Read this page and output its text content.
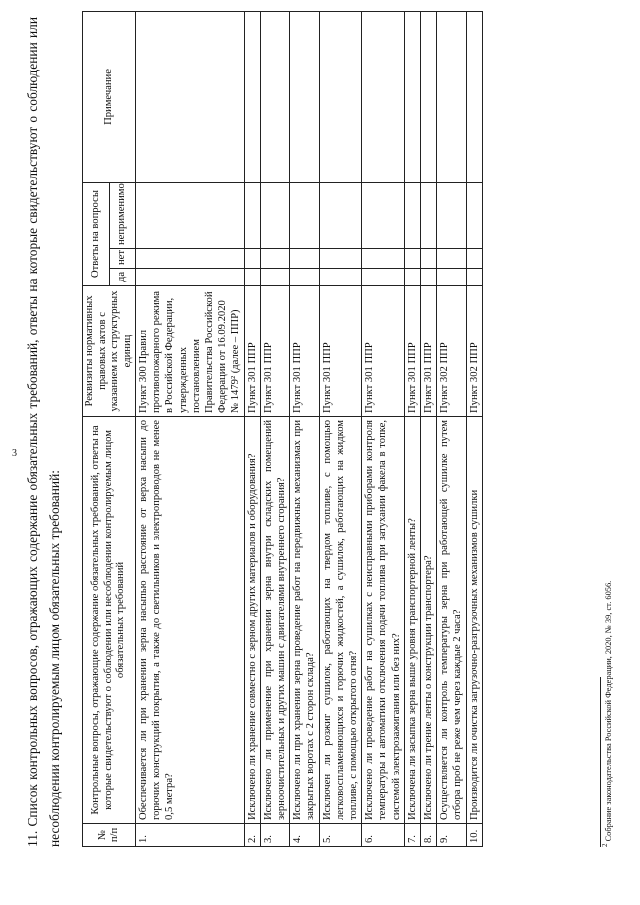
3 11. Список контрольных вопросов, отражающих содержание обязательных требований, ответы на которые свидетельствуют о соблюдении или несоблюдении контролируемым лицом обязательных требований:	№ п/п	Контрольные вопросы, отражающие содержание обязательных требований, ответы на которые свидетельствуют о соблюдении или несоблюдении контролируемым лицом обязательных требований	Реквизиты нормативных правовых актов с указанием их структурных единиц	Ответы на вопросы			Примечание
			да	нет	неприменимо	
1.	Обеспечивается ли при хранении зерна насыпью расстояние от верха насыпи до горючих конструкций покрытия, а также до светильников и электропроводов не менее 0,5 метра?	Пункт 300 Правил противопожарного режима в Российской Федерации, утвержденных постановлением Правительства Российской Федерации от 16.09.2020 № 1479² (далее – ППР)				
2.	Исключено ли хранение совместно с зерном других материалов и оборудования?	Пункт 301 ППР				
3.	Исключено ли применение при хранении зерна внутри складских помещений зерноочистительных и других машин с двигателями внутреннего сгорания?	Пункт 301 ППР				
4.	Исключено ли при хранении зерна проведение работ на передвижных механизмах при закрытых воротах с 2 сторон склада?	Пункт 301 ППР				
5.	Исключен ли розжиг сушилок, работающих на твердом топливе, с помощью легковоспламеняющихся и горючих жидкостей, а сушилок, работающих на жидком топливе, с помощью открытого огня?	Пункт 301 ППР				
6.	Исключено ли проведение работ на сушилках с неисправными приборами контроля температуры и автоматики отключения подачи топлива при затухании факела в топке, системой электрозажигания или без них?	Пункт 301 ППР				
7.	Исключена ли засыпка зерна выше уровня транспортерной ленты?	Пункт 301 ППР				
8.	Исключено ли трение ленты о конструкции транспортера?	Пункт 301 ППР				
9.	Осуществляется ли контроль температуры зерна при работающей сушилке путем отбора проб не реже чем через каждые 2 часа?	Пункт 302 ППР				
10.	Производится ли очистка загрузочно-разгрузочных механизмов сушилки	Пункт 302 ППР				
$^2$ Собрание законодательства Российской Федерации, 2020, № 39, ст. 6056.
